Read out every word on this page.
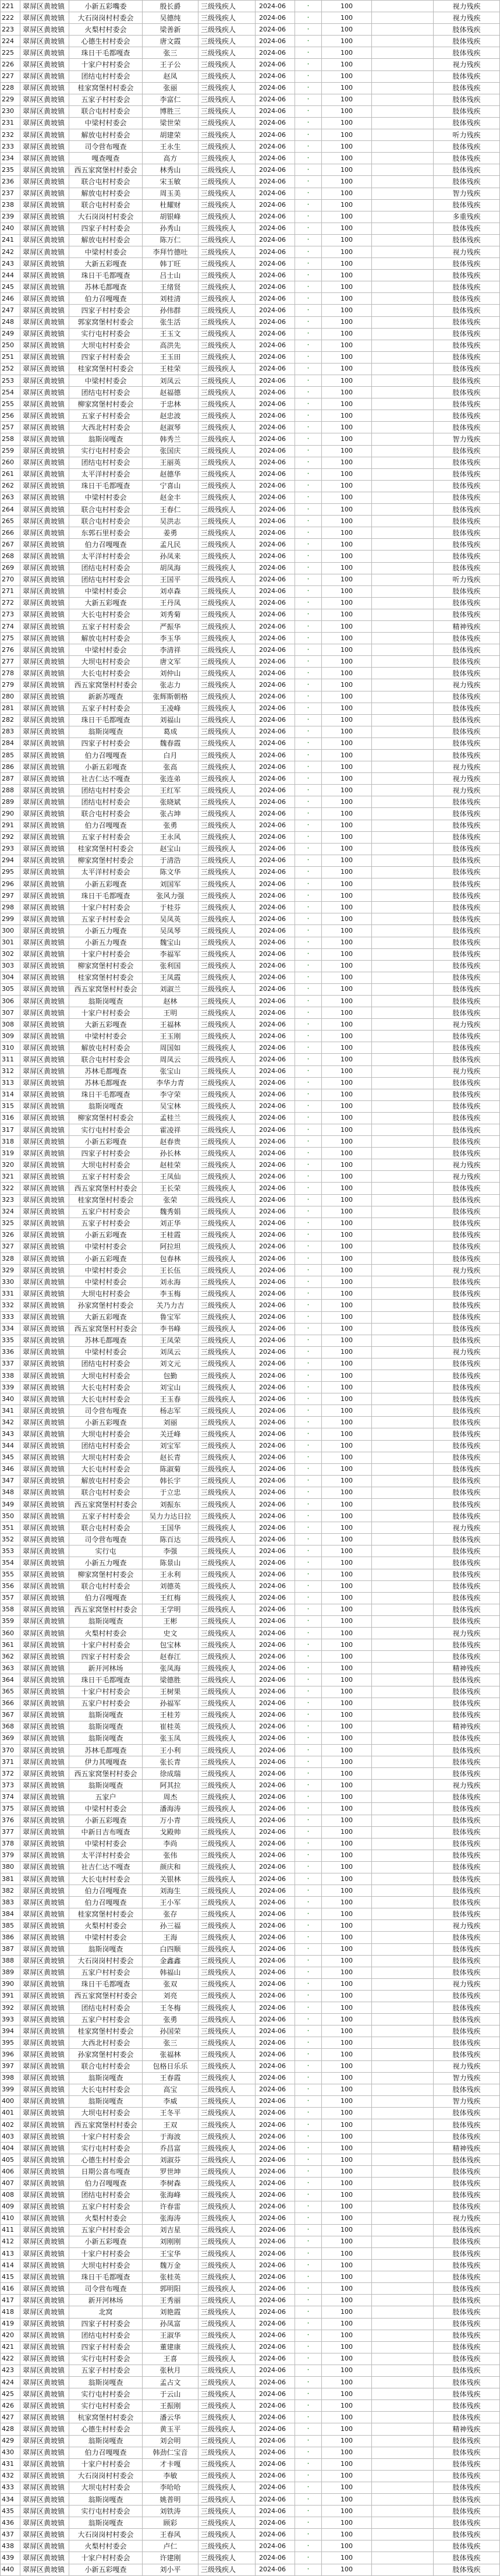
221	翠屏区黄坡镇	小新五彩嘴委	殷长爵	三级残疾人	2024-06	•	100		视力残疾
222	翠屏区黄坡镇	大石岗岗村村委会	吴德纯	三级残疾人	2024-06	•	100		视力残疾
223	翠屏区黄坡镇	火梨村村委会	梁善新	三级残疾人	2024-06	•	100		肢体残疾
224	翠屏区黄坡镇	心德生村村委会	唐文霞	三级残疾人	2024-06	•	100		肢体残疾
225	翠屏区黄坡镇	珠日干毛都嘎查	张三	三级残疾人	2024-06	•	100		肢体残疾
226	翠屏区黄坡镇	十家户村村委会	王子公	三级残疾人	2024-06	•	100		视力残疾
227	翠屏区黄坡镇	团结屯村村委会	赵凤	三级残疾人	2024-06	•	100		肢体残疾
228	翠屏区黄坡镇	桂家窝堡村村委会	张丽	三级残疾人	2024-06	•	100		肢体残疾
229	翠屏区黄坡镇	五家子村村委会	李富仁	三级残疾人	2024-06	•	100		肢体残疾
230	翠屏区黄坡镇	联合屯村村委会	博胜三	三级残疾人	2024-06	•	100		肢体残疾
231	翠屏区黄坡镇	中梁村村委会	梁世荣	三级残疾人	2024-06	•	100		肢体残疾
232	翠屏区黄坡镇	解放屯村村委会	胡建荣	三级残疾人	2024-06	•	100		听力残疾
233	翠屏区黄坡镇	司令营布嘎查	王永生	三级残疾人	2024-06	•	100		肢体残疾
234	翠屏区黄坡镇	嘎查嘎查	高方	三级残疾人	2024-06	•	100		肢体残疾
235	翠屏区黄坡镇	西五家窝堡村村委会	林秀山	三级残疾人	2024-06	•	100		肢体残疾
236	翠屏区黄坡镇	联合屯村村委会	宋玉敏	三级残疾人	2024-06	•	100		肢体残疾
237	翠屏区黄坡镇	解放屯村村委会	周玉美	三级残疾人	2024-06	•	100		智力残疾
238	翠屏区黄坡镇	联合屯村村委会	杜耀财	三级残疾人	2024-06	•	100		肢体残疾
239	翠屏区黄坡镇	大石岗岗村村委会	胡银峰	三级残疾人	2024-06	•	100		多重残疾
240	翠屏区黄坡镇	四家子村村委会	孙秀山	三级残疾人	2024-06	•	100		肢体残疾
241	翠屏区黄坡镇	解放屯村村委会	陈万仁	三级残疾人	2024-06	•	100		肢体残疾
242	翠屏区黄坡镇	中梁村村委会	李拜竹德吐	三级残疾人	2024-06	•	100		视力残疾
243	翠屏区黄坡镇	大新五彩嘎查	韩丁旺	三级残疾人	2024-06	•	100		肢体残疾
244	翠屏区黄坡镇	珠日干毛都嘎查	吕士山	三级残疾人	2024-06	•	100		肢体残疾
245	翠屏区黄坡镇	苏林毛都嘎查	王绪贤	三级残疾人	2024-06	•	100		肢体残疾
246	翠屏区黄坡镇	伯力召嘎嘎查	刘桂清	三级残疾人	2024-06	•	100		肢体残疾
247	翠屏区黄坡镇	四家子村村委会	孙伟群	三级残疾人	2024-06	•	100		肢体残疾
248	翠屏区黄坡镇	郭家窝堡村村委会	张生活	三级残疾人	2024-06	•	100		肢体残疾
249	翠屏区黄坡镇	实行屯村村委会	王玉文	三级残疾人	2024-06	•	100		肢体残疾
250	翠屏区黄坡镇	大坝屯村村委会	高洪先	三级残疾人	2024-06	•	100		肢体残疾
251	翠屏区黄坡镇	四家子村村委会	王玉田	三级残疾人	2024-06	•	100		肢体残疾
252	翠屏区黄坡镇	桂家窝堡村村委会	王桂荣	三级残疾人	2024-06	•	100		肢体残疾
253	翠屏区黄坡镇	中梁村村委会	刘凤云	三级残疾人	2024-06	•	100		肢体残疾
254	翠屏区黄坡镇	团结屯村村委会	赵福德	三级残疾人	2024-06	•	100		肢体残疾
255	翠屏区黄坡镇	柳家窝堡村村委会	于忠林	三级残疾人	2024-06	•	100		肢体残疾
256	翠屏区黄坡镇	五家子村村委会	赵忠波	三级残疾人	2024-06	•	100		肢体残疾
257	翠屏区黄坡镇	大西北村村委会	赵淑琴	三级残疾人	2024-06	•	100		肢体残疾
258	翠屏区黄坡镇	翁斯岗嘎查	韩秀兰	三级残疾人	2024-06	•	100		智力残疾
259	翠屏区黄坡镇	实行屯村村委会	张国庆	三级残疾人	2024-06	•	100		肢体残疾
260	翠屏区黄坡镇	团结屯村村委会	王丽英	三级残疾人	2024-06	•	100		肢体残疾
261	翠屏区黄坡镇	太平洋村村委会	赵德华	三级残疾人	2024-06	•	100		肢体残疾
262	翠屏区黄坡镇	珠日干毛都嘎查	宁喜山	三级残疾人	2024-06	•	100		肢体残疾
263	翠屏区黄坡镇	中梁村村委会	赵金丰	三级残疾人	2024-06	•	100		肢体残疾
264	翠屏区黄坡镇	联合屯村村委会	王春仁	三级残疾人	2024-06	•	100		肢体残疾
265	翠屏区黄坡镇	联合屯村村委会	吴洪志	三级残疾人	2024-06	•	100		肢体残疾
266	翠屏区黄坡镇	东郭石里村委会	姜勇	三级残疾人	2024-06	•	100		肢体残疾
267	翠屏区黄坡镇	伯力召嘎嘎查	孟凡民	三级残疾人	2024-06	•	100		肢体残疾
268	翠屏区黄坡镇	太平洋村村委会	孙凤来	三级残疾人	2024-06	•	100		肢体残疾
269	翠屏区黄坡镇	团结屯村村委会	胡凤海	三级残疾人	2024-06	•	100		肢体残疾
270	翠屏区黄坡镇	团结屯村村委会	王国平	三级残疾人	2024-06	•	100		听力残疾
271	翠屏区黄坡镇	中梁村村委会	刘卓森	三级残疾人	2024-06	•	100		肢体残疾
272	翠屏区黄坡镇	大新五彩嘎查	王丹凤	三级残疾人	2024-06	•	100		肢体残疾
273	翠屏区黄坡镇	大长屯村村委会	刘秀菊	三级残疾人	2024-06	•	100		肢体残疾
274	翠屏区黄坡镇	五家子村村委会	严振华	三级残疾人	2024-06	•	100		精神残疾
275	翠屏区黄坡镇	解放屯村村委会	李玉华	三级残疾人	2024-06	•	100		肢体残疾
276	翠屏区黄坡镇	中梁村村委会	李清祥	三级残疾人	2024-06	•	100		肢体残疾
277	翠屏区黄坡镇	大坝屯村村委会	唐文军	三级残疾人	2024-06	•	100		肢体残疾
278	翠屏区黄坡镇	大长屯村村委会	刘仲山	三级残疾人	2024-06	•	100		肢体残疾
279	翠屏区黄坡镇	西五家窝堡村村委会	张志力	三级残疾人	2024-06	•	100		视力残疾
280	翠屏区黄坡镇	新新苏嘎查	张辉斯朝格	三级残疾人	2024-06	•	100		肢体残疾
281	翠屏区黄坡镇	五家子村村委会	王凌峰	三级残疾人	2024-06	•	100		肢体残疾
282	翠屏区黄坡镇	珠日干毛都嘎查	刘福山	三级残疾人	2024-06	•	100		肢体残疾
283	翠屏区黄坡镇	翁斯岗嘎查	葛成	三级残疾人	2024-06	•	100		肢体残疾
284	翠屏区黄坡镇	四家子村村委会	魏春霞	三级残疾人	2024-06	•	100		肢体残疾
285	翠屏区黄坡镇	伯力召嘎嘎查	白月	三级残疾人	2024-06	•	100		肢体残疾
286	翠屏区黄坡镇	小新五彩嘎查	张高	三级残疾人	2024-06	•	100		视力残疾
287	翠屏区黄坡镇	社吉仁达不嘎查	张连弟	三级残疾人	2024-06	•	100		视力残疾
288	翠屏区黄坡镇	团结屯村村委会	王红军	三级残疾人	2024-06	•	100		视力残疾
289	翠屏区黄坡镇	团结屯村村委会	张晓斌	三级残疾人	2024-06	•	100		肢体残疾
290	翠屏区黄坡镇	联合屯村村委会	张占坤	三级残疾人	2024-06	•	100		肢体残疾
291	翠屏区黄坡镇	伯力召嘎嘎查	张勇	三级残疾人	2024-06	•	100		肢体残疾
292	翠屏区黄坡镇	五家子村村委会	王永风	三级残疾人	2024-06	•	100		肢体残疾
293	翠屏区黄坡镇	桂家窝堡村村委会	赵宝山	三级残疾人	2024-06	•	100		肢体残疾
294	翠屏区黄坡镇	柳家窝堡村村委会	于清浩	三级残疾人	2024-06	•	100		肢体残疾
295	翠屏区黄坡镇	太平洋村村委会	陈文华	三级残疾人	2024-06	•	100		肢体残疾
296	翠屏区黄坡镇	小新五彩嘎查	刘国军	三级残疾人	2024-06	•	100		肢体残疾
297	翠屏区黄坡镇	珠日干毛都嘎查	张风力强	三级残疾人	2024-06	•	100		肢体残疾
298	翠屏区黄坡镇	十家户村村委会	于桂芬	三级残疾人	2024-06	•	100		肢体残疾
299	翠屏区黄坡镇	五家子村村委会	吴凤英	三级残疾人	2024-06	•	100		肢体残疾
300	翠屏区黄坡镇	小新五力嘎查	吴凤琴	三级残疾人	2024-06	•	100		肢体残疾
301	翠屏区黄坡镇	小新五力嘎查	魏宝山	三级残疾人	2024-06	•	100		肢体残疾
302	翠屏区黄坡镇	十家户村村委会	李福军	三级残疾人	2024-06	•	100		肢体残疾
303	翠屏区黄坡镇	柳家窝堡村村委会	张利国	三级残疾人	2024-06	•	100		肢体残疾
304	翠屏区黄坡镇	桂家窝堡村村委会	王凤霞	三级残疾人	2024-06	•	100		肢体残疾
305	翠屏区黄坡镇	西五家窝堡村村委会	刘淑兰	三级残疾人	2024-06	•	100		肢体残疾
306	翠屏区黄坡镇	翁斯岗嘎查	赵林	三级残疾人	2024-06	•	100		肢体残疾
307	翠屏区黄坡镇	十家户村村委会	王明	三级残疾人	2024-06	•	100		肢体残疾
308	翠屏区黄坡镇	大新五彩嘎查	王福林	三级残疾人	2024-06	•	100		视力残疾
309	翠屏区黄坡镇	中梁村村委会	王玉刚	三级残疾人	2024-06	•	100		肢体残疾
310	翠屏区黄坡镇	解放屯村村委会	周国如	三级残疾人	2024-06	•	100		肢体残疾
311	翠屏区黄坡镇	联合屯村村委会	周凤云	三级残疾人	2024-06	•	100		肢体残疾
312	翠屏区黄坡镇	苏林毛都嘎查	张宝山	三级残疾人	2024-06	•	100		视力残疾
313	翠屏区黄坡镇	苏林毛都嘎查	李华力青	三级残疾人	2024-06	•	100		肢体残疾
314	翠屏区黄坡镇	珠日干毛都嘎查	李守荣	三级残疾人	2024-06	•	100		肢体残疾
315	翠屏区黄坡镇	翁斯岗嘎查	吴宝林	三级残疾人	2024-06	•	100		肢体残疾
316	翠屏区黄坡镇	柳家窝堡村村委会	孟桂兰	三级残疾人	2024-06	•	100		肢体残疾
317	翠屏区黄坡镇	实行屯村村委会	霍凌祥	三级残疾人	2024-06	•	100		肢体残疾
318	翠屏区黄坡镇	小新五彩嘎查	赵春贵	三级残疾人	2024-06	•	100		肢体残疾
319	翠屏区黄坡镇	四家子村村委会	孙长林	三级残疾人	2024-06	•	100		肢体残疾
320	翠屏区黄坡镇	大坝屯村村委会	赵桂荣	三级残疾人	2024-06	•	100		视力残疾
321	翠屏区黄坡镇	五家子村村委会	王凤仙	三级残疾人	2024-06	•	100		视力残疾
322	翠屏区黄坡镇	西五家窝堡村村委会	王长荣	三级残疾人	2024-06	•	100		肢体残疾
323	翠屏区黄坡镇	桂家窝堡村村委会	张荣	三级残疾人	2024-06	•	100		肢体残疾
324	翠屏区黄坡镇	五家户村村委会	魏秀娟	三级残疾人	2024-06	•	100		肢体残疾
325	翠屏区黄坡镇	五家子村村委会	刘正华	三级残疾人	2024-06	•	100		肢体残疾
326	翠屏区黄坡镇	小新五彩嘎查	王桂霞	三级残疾人	2024-06	•	100		肢体残疾
327	翠屏区黄坡镇	中梁村村委会	阿拉坦	三级残疾人	2024-06	•	100		肢体残疾
328	翠屏区黄坡镇	小新五彩嘎查	包春林	三级残疾人	2024-06	•	100		肢体残疾
329	翠屏区黄坡镇	中梁村村委会	王长伍	三级残疾人	2024-06	•	100		视力残疾
330	翠屏区黄坡镇	中梁村村委会	刘永海	三级残疾人	2024-06	•	100		肢体残疾
331	翠屏区黄坡镇	大坝屯村村委会	李玉梅	三级残疾人	2024-06	•	100		肢体残疾
332	翠屏区黄坡镇	孙家窝堡村村委会	关乃力吉	三级残疾人	2024-06	•	100		肢体残疾
333	翠屏区黄坡镇	大新五彩嘎查	鲁宝军	三级残疾人	2024-06	•	100		肢体残疾
334	翠屏区黄坡镇	西五家窝堡村村委会	李书峰	三级残疾人	2024-06	•	100		肢体残疾
335	翠屏区黄坡镇	苏林毛都嘎查	王凤荣	三级残疾人	2024-06	•	100		肢体残疾
336	翠屏区黄坡镇	中梁村村委会	刘凤云	三级残疾人	2024-06	•	100		视力残疾
337	翠屏区黄坡镇	团结屯村村委会	刘文元	三级残疾人	2024-06	•	100		肢体残疾
338	翠屏区黄坡镇	大坝屯村村委会	包勤	三级残疾人	2024-06	•	100		肢体残疾
339	翠屏区黄坡镇	大长屯村村委会	刘宝山	三级残疾人	2024-06	•	100		肢体残疾
340	翠屏区黄坡镇	大长屯村村委会	王玉春	三级残疾人	2024-06	•	100		肢体残疾
341	翠屏区黄坡镇	司令营布嘎查	杨志军	三级残疾人	2024-06	•	100		肢体残疾
342	翠屏区黄坡镇	小新五彩嘎查	刘丽	三级残疾人	2024-06	•	100		肢体残疾
343	翠屏区黄坡镇	大坝屯村村委会	关迁峰	三级残疾人	2024-06	•	100		肢体残疾
344	翠屏区黄坡镇	团结屯村村委会	刘宝军	三级残疾人	2024-06	•	100		肢体残疾
345	翠屏区黄坡镇	大坝屯村村委会	赵长青	三级残疾人	2024-06	•	100		肢体残疾
346	翠屏区黄坡镇	大长屯村村委会	陈淑菊	三级残疾人	2024-06	•	100		肢体残疾
347	翠屏区黄坡镇	解放屯村村委会	韩长宇	三级残疾人	2024-06	•	100		肢体残疾
348	翠屏区黄坡镇	联合屯村村委会	于立忠	三级残疾人	2024-06	•	100		肢体残疾
349	翠屏区黄坡镇	西五家窝堡村村委会	刘振东	三级残疾人	2024-06	•	100		肢体残疾
350	翠屏区黄坡镇	五家子村村委会	吴力力达日拉	三级残疾人	2024-06	•	100		肢体残疾
351	翠屏区黄坡镇	联合屯村村委会	王国华	三级残疾人	2024-06	•	100		视力残疾
352	翠屏区黄坡镇	司令营布嘎查	陈百达	三级残疾人	2024-06	•	100		肢体残疾
353	翠屏区黄坡镇	实行屯	李强	三级残疾人	2024-06	•	100		肢体残疾
354	翠屏区黄坡镇	小新五力嘎查	陈景山	三级残疾人	2024-06	•	100		肢体残疾
355	翠屏区黄坡镇	柳家窝堡村村委会	王永利	三级残疾人	2024-06	•	100		肢体残疾
356	翠屏区黄坡镇	联合屯村村委会	刘德英	三级残疾人	2024-06	•	100		肢体残疾
357	翠屏区黄坡镇	伯力召嘎嘎查	王红梅	三级残疾人	2024-06	•	100		肢体残疾
358	翠屏区黄坡镇	西五家窝堡村村委会	王学明	三级残疾人	2024-06	•	100		肢体残疾
359	翠屏区黄坡镇	翁斯岗嘎查	王彬	三级残疾人	2024-06	•	100		肢体残疾
360	翠屏区黄坡镇	火梨村村委会	史文	三级残疾人	2024-06	•	100		视力残疾
361	翠屏区黄坡镇	十家户村村委会	包宝林	三级残疾人	2024-06	•	100		肢体残疾
362	翠屏区黄坡镇	四家子村村委会	赵春江	三级残疾人	2024-06	•	100		肢体残疾
363	翠屏区黄坡镇	新开河林场	张凤海	三级残疾人	2024-06	•	100		精神残疾
364	翠屏区黄坡镇	珠日干毛都嘎查	梁德胜	三级残疾人	2024-06	•	100		肢体残疾
365	翠屏区黄坡镇	十家户村村委会	王树果	三级残疾人	2024-06	•	100		肢体残疾
366	翠屏区黄坡镇	五家户村村委会	孙福军	三级残疾人	2024-06	•	100		肢体残疾
367	翠屏区黄坡镇	翁斯岗嘎查	王桂芳	三级残疾人	2024-06	•	100		肢体残疾
368	翠屏区黄坡镇	翁斯岗嘎查	崔桂英	三级残疾人	2024-06	•	100		精神残疾
369	翠屏区黄坡镇	翁斯岗嘎查	张玉凤	三级残疾人	2024-06	•	100		肢体残疾
370	翠屏区黄坡镇	苏林毛都嘎查	王小利	三级残疾人	2024-06	•	100		肢体残疾
371	翠屏区黄坡镇	伊力其嘎嘎查	张长青	三级残疾人	2024-06	•	100		肢体残疾
372	翠屏区黄坡镇	西五家窝堡村村委会	徐成瑞	三级残疾人	2024-06	•	100		肢体残疾
373	翠屏区黄坡镇	翁斯岗嘎查	阿其拉	三级残疾人	2024-06	•	100		视力残疾
374	翠屏区黄坡镇	五家户	周杰	三级残疾人	2024-06	•	100		肢体残疾
375	翠屏区黄坡镇	中梁村村委会	潘海涛	三级残疾人	2024-06	•	100		肢体残疾
376	翠屏区黄坡镇	小新五彩嘎查	万小青	三级残疾人	2024-06	•	100		肢体残疾
377	翠屏区黄坡镇	中新日吉布嘎查	戈殿帅	三级残疾人	2024-06	•	100		肢体残疾
378	翠屏区黄坡镇	中梁村村委会	李尚	三级残疾人	2024-06	•	100		肢体残疾
379	翠屏区黄坡镇	太平洋村村委会	张伟	三级残疾人	2024-06	•	100		肢体残疾
380	翠屏区黄坡镇	社吉仁达不嘎查	颜庆和	三级残疾人	2024-06	•	100		肢体残疾
381	翠屏区黄坡镇	大长屯村村委会	关银林	三级残疾人	2024-06	•	100		肢体残疾
382	翠屏区黄坡镇	伯力召嘎嘎查	刘海生	三级残疾人	2024-06	•	100		肢体残疾
383	翠屏区黄坡镇	伯力召嘎嘎查	王小军	三级残疾人	2024-06	•	100		肢体残疾
384	翠屏区黄坡镇	桂家窝堡村村委会	张存	三级残疾人	2024-06	•	100		肢体残疾
385	翠屏区黄坡镇	火梨村村委会	孙三福	三级残疾人	2024-06	•	100		视力残疾
386	翠屏区黄坡镇	中梁村村委会	王海	三级残疾人	2024-06	•	100		肢体残疾
387	翠屏区黄坡镇	翁斯岗嘎查	白四顺	三级残疾人	2024-06	•	100		肢体残疾
388	翠屏区黄坡镇	大石岗岗村村委会	金鑫鑫	三级残疾人	2024-06	•	100		肢体残疾
389	翠屏区黄坡镇	五家户村村委会	韩福山	三级残疾人	2024-06	•	100		肢体残疾
390	翠屏区黄坡镇	珠日干毛都嘎查	张双	三级残疾人	2024-06	•	100		视力残疾
391	翠屏区黄坡镇	西五家窝堡村村委会	刘亮	三级残疾人	2024-06	•	100		肢体残疾
392	翠屏区黄坡镇	团结屯村村委会	王冬梅	三级残疾人	2024-06	•	100		肢体残疾
393	翠屏区黄坡镇	五家户村村委会	张勇	三级残疾人	2024-06	•	100		肢体残疾
394	翠屏区黄坡镇	桂家窝堡村村委会	孙国荣	三级残疾人	2024-06	•	100		肢体残疾
395	翠屏区黄坡镇	大西北村村委会	张三	三级残疾人	2024-06	•	100		肢体残疾
396	翠屏区黄坡镇	孙家窝堡村村委会	张福林	三级残疾人	2024-06	•	100		肢体残疾
397	翠屏区黄坡镇	联合屯村村委会	包格日乐乐	三级残疾人	2024-06	•	100		视力残疾
398	翠屏区黄坡镇	翁斯岗嘎查	王春霞	三级残疾人	2024-06	•	100		智力残疾
399	翠屏区黄坡镇	大长屯村村委会	高宝	三级残疾人	2024-06	•	100		肢体残疾
400	翠屏区黄坡镇	翁斯岗嘎查	李威	三级残疾人	2024-06	•	100		智力残疾
401	翠屏区黄坡镇	大坝屯村村委会	王冬平	三级残疾人	2024-06	•	100		肢体残疾
402	翠屏区黄坡镇	西五家窝堡村村委会	王双	三级残疾人	2024-06	•	100		肢体残疾
403	翠屏区黄坡镇	十家户村村委会	于海波	三级残疾人	2024-06	•	100		肢体残疾
404	翠屏区黄坡镇	实行屯村村委会	乔昌富	三级残疾人	2024-06	•	100		精神残疾
405	翠屏区黄坡镇	心德生村村委会	刘淑芬	三级残疾人	2024-06	•	100		肢体残疾
406	翠屏区黄坡镇	日期公喜布嘎查	罗世坤	三级残疾人	2024-06	•	100		肢体残疾
407	翠屏区黄坡镇	伯力召嘎嘎查	李树森	三级残疾人	2024-06	•	100		肢体残疾
408	翠屏区黄坡镇	团结屯村村委会	张海峰	三级残疾人	2024-06	•	100		肢体残疾
409	翠屏区黄坡镇	五家户村村委会	许春雷	三级残疾人	2024-06	•	100		肢体残疾
410	翠屏区黄坡镇	火梨村村委会	张海涛	三级残疾人	2024-06	•	100		视力残疾
411	翠屏区黄坡镇	五家户村村委会	刘吉星	三级残疾人	2024-06	•	100		肢体残疾
412	翠屏区黄坡镇	小新五彩嘎查	刘刚刚	三级残疾人	2024-06	•	100		肢体残疾
413	翠屏区黄坡镇	十家户村村委会	王宝华	三级残疾人	2024-06	•	100		肢体残疾
414	翠屏区黄坡镇	大坝屯村村委会	魏万金	三级残疾人	2024-06	•	100		肢体残疾
415	翠屏区黄坡镇	珠日干毛都嘎查	张桂英	三级残疾人	2024-06	•	100		肢体残疾
416	翠屏区黄坡镇	司令营布嘎查	郭明阳	三级残疾人	2024-06	•	100		肢体残疾
417	翠屏区黄坡镇	新开河林场	王秀丽	三级残疾人	2024-06	•	100		肢体残疾
418	翠屏区黄坡镇	北窝	刘艳霞	三级残疾人	2024-06	•	100		肢体残疾
419	翠屏区黄坡镇	四家子村村委会	孙凤富	三级残疾人	2024-06	•	100		肢体残疾
420	翠屏区黄坡镇	团结屯村村委会	王淑华	三级残疾人	2024-06	•	100		肢体残疾
421	翠屏区黄坡镇	四家子村村委会	董建康	三级残疾人	2024-06	•	100		肢体残疾
422	翠屏区黄坡镇	实行屯村村委会	王喜	三级残疾人	2024-06	•	100		肢体残疾
423	翠屏区黄坡镇	五家子村村委会	张秋月	三级残疾人	2024-06	•	100		肢体残疾
424	翠屏区黄坡镇	翁斯岗嘎查	孟占文	三级残疾人	2024-06	•	100		肢体残疾
425	翠屏区黄坡镇	实行屯村村委会	于云山	三级残疾人	2024-06	•	100		肢体残疾
426	翠屏区黄坡镇	实行屯村村委会	王振刚	三级残疾人	2024-06	•	100		肢体残疾
427	翠屏区黄坡镇	杭家窝堡村村委会	潘云华	三级残疾人	2024-06	•	100		肢体残疾
428	翠屏区黄坡镇	心德生村村委会	黄玉平	三级残疾人	2024-06	•	100		精神残疾
429	翠屏区黄坡镇	翁斯岗嘎查	刘会明	三级残疾人	2024-06	•	100		肢体残疾
430	翠屏区黄坡镇	伯力召嘎嘎查	韩劲仁宝音	三级残疾人	2024-06	•	100		肢体残疾
431	翠屏区黄坡镇	十家户村村委会	才卡嘎	三级残疾人	2024-06	•	100		肢体残疾
432	翠屏区黄坡镇	大石岗岗村村委会	李敏	三级残疾人	2024-06	•	100		肢体残疾
433	翠屏区黄坡镇	大坝屯村村委会	李哈哈	三级残疾人	2024-06	•	100		肢体残疾
434	翠屏区黄坡镇	翁斯岗嘎查	姚普明	三级残疾人	2024-06	•	100		肢体残疾
435	翠屏区黄坡镇	实行屯村村委会	刘铁涛	三级残疾人	2024-06	•	100		肢体残疾
436	翠屏区黄坡镇	翁斯岗嘎查	顾彩	三级残疾人	2024-06	•	100		肢体残疾
437	翠屏区黄坡镇	大石岗岗村村委会	王春风	三级残疾人	2024-06	•	100		肢体残疾
438	翠屏区黄坡镇	火梨村村委会	卢仁	三级残疾人	2024-06	•	100		肢体残疾
439	翠屏区黄坡镇	十家户村村委会	许建刚	三级残疾人	2024-06	•	100		肢体残疾
440	翠屏区黄坡镇	小新五彩嘎查	刘小平	三级残疾人	2024-06	•	100		肢体残疾
